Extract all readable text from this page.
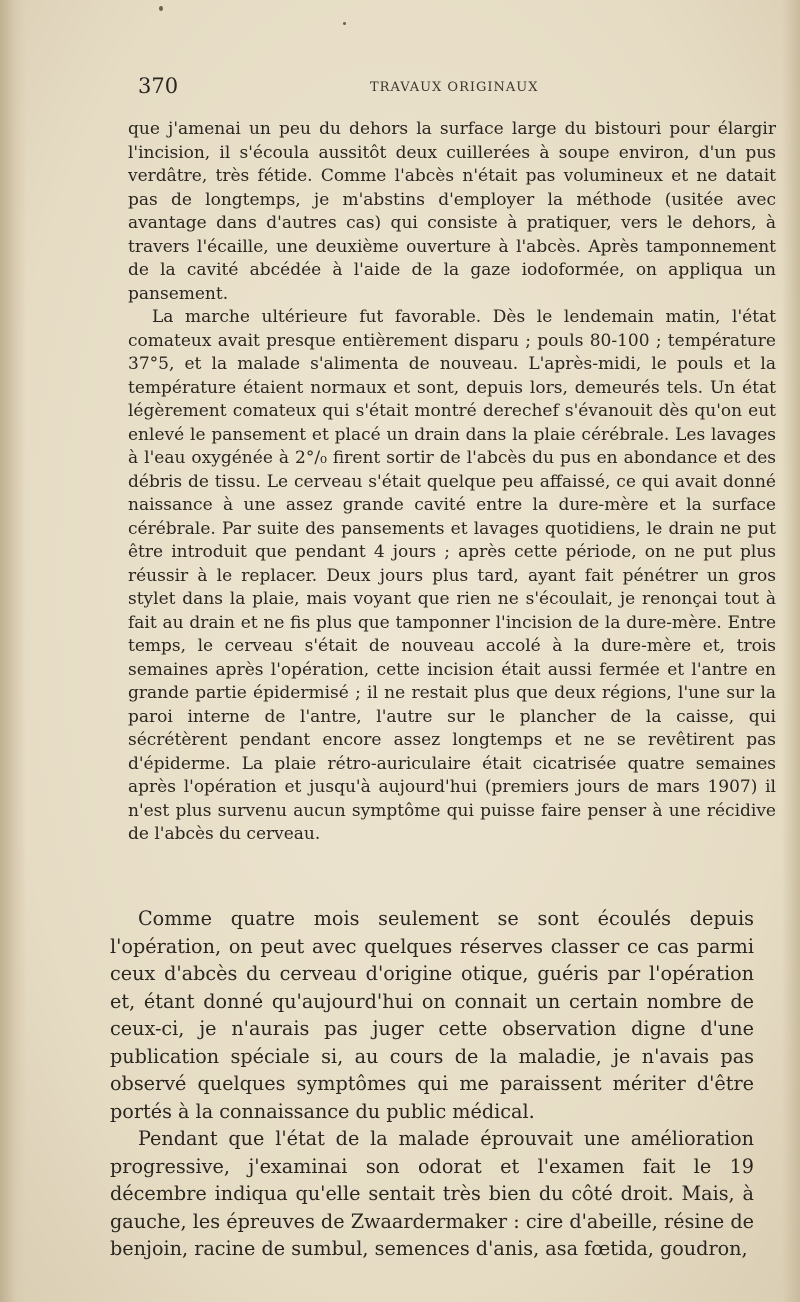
370	TRAVAUX ORIGINAUX

que j'amenai un peu du dehors la surface large du bistouri pour élargir l'incision, il s'écoula aussitôt deux cuillerées à soupe environ, d'un pus verdâtre, très fétide. Comme l'abcès n'était pas volumineux et ne datait pas de longtemps, je m'abstins d'employer la méthode (usitée avec avantage dans d'autres cas) qui consiste à pratiquer, vers le dehors, à travers l'écaille, une deuxième ouverture à l'abcès. Après tamponnement de la cavité abcédée à l'aide de la gaze iodoformée, on appliqua un pansement.

La marche ultérieure fut favorable. Dès le lendemain matin, l'état comateux avait presque entièrement disparu ; pouls 80-100 ; température 37°5, et la malade s'alimenta de nouveau. L'après-midi, le pouls et la température étaient normaux et sont, depuis lors, demeurés tels. Un état légèrement comateux qui s'était montré derechef s'évanouit dès qu'on eut enlevé le pansement et placé un drain dans la plaie cérébrale. Les lavages à l'eau oxygénée à 2°/₀ firent sortir de l'abcès du pus en abondance et des débris de tissu. Le cerveau s'était quelque peu affaissé, ce qui avait donné naissance à une assez grande cavité entre la dure-mère et la surface cérébrale. Par suite des pansements et lavages quotidiens, le drain ne put être introduit que pendant 4 jours ; après cette période, on ne put plus réussir à le replacer. Deux jours plus tard, ayant fait pénétrer un gros stylet dans la plaie, mais voyant que rien ne s'écoulait, je renonçai tout à fait au drain et ne fis plus que tamponner l'incision de la dure-mère. Entre temps, le cerveau s'était de nouveau accolé à la dure-mère et, trois semaines après l'opération, cette incision était aussi fermée et l'antre en grande partie épidermisé ; il ne restait plus que deux régions, l'une sur la paroi interne de l'antre, l'autre sur le plancher de la caisse, qui sécrétèrent pendant encore assez longtemps et ne se revêtirent pas d'épiderme. La plaie rétro-auriculaire était cicatrisée quatre semaines après l'opération et jusqu'à aujourd'hui (premiers jours de mars 1907) il n'est plus survenu aucun symptôme qui puisse faire penser à une récidive de l'abcès du cerveau.

Comme quatre mois seulement se sont écoulés depuis l'opération, on peut avec quelques réserves classer ce cas parmi ceux d'abcès du cerveau d'origine otique, guéris par l'opération et, étant donné qu'aujourd'hui on connait un certain nombre de ceux-ci, je n'aurais pas juger cette observation digne d'une publication spéciale si, au cours de la maladie, je n'avais pas observé quelques symptômes qui me paraissent mériter d'être portés à la connaissance du public médical.

Pendant que l'état de la malade éprouvait une amélioration progressive, j'examinai son odorat et l'examen fait le 19 décembre indiqua qu'elle sentait très bien du côté droit. Mais, à gauche, les épreuves de Zwaardermaker : cire d'abeille, résine de benjoin, racine de sumbul, semences d'anis, asa fœtida, goudron,
